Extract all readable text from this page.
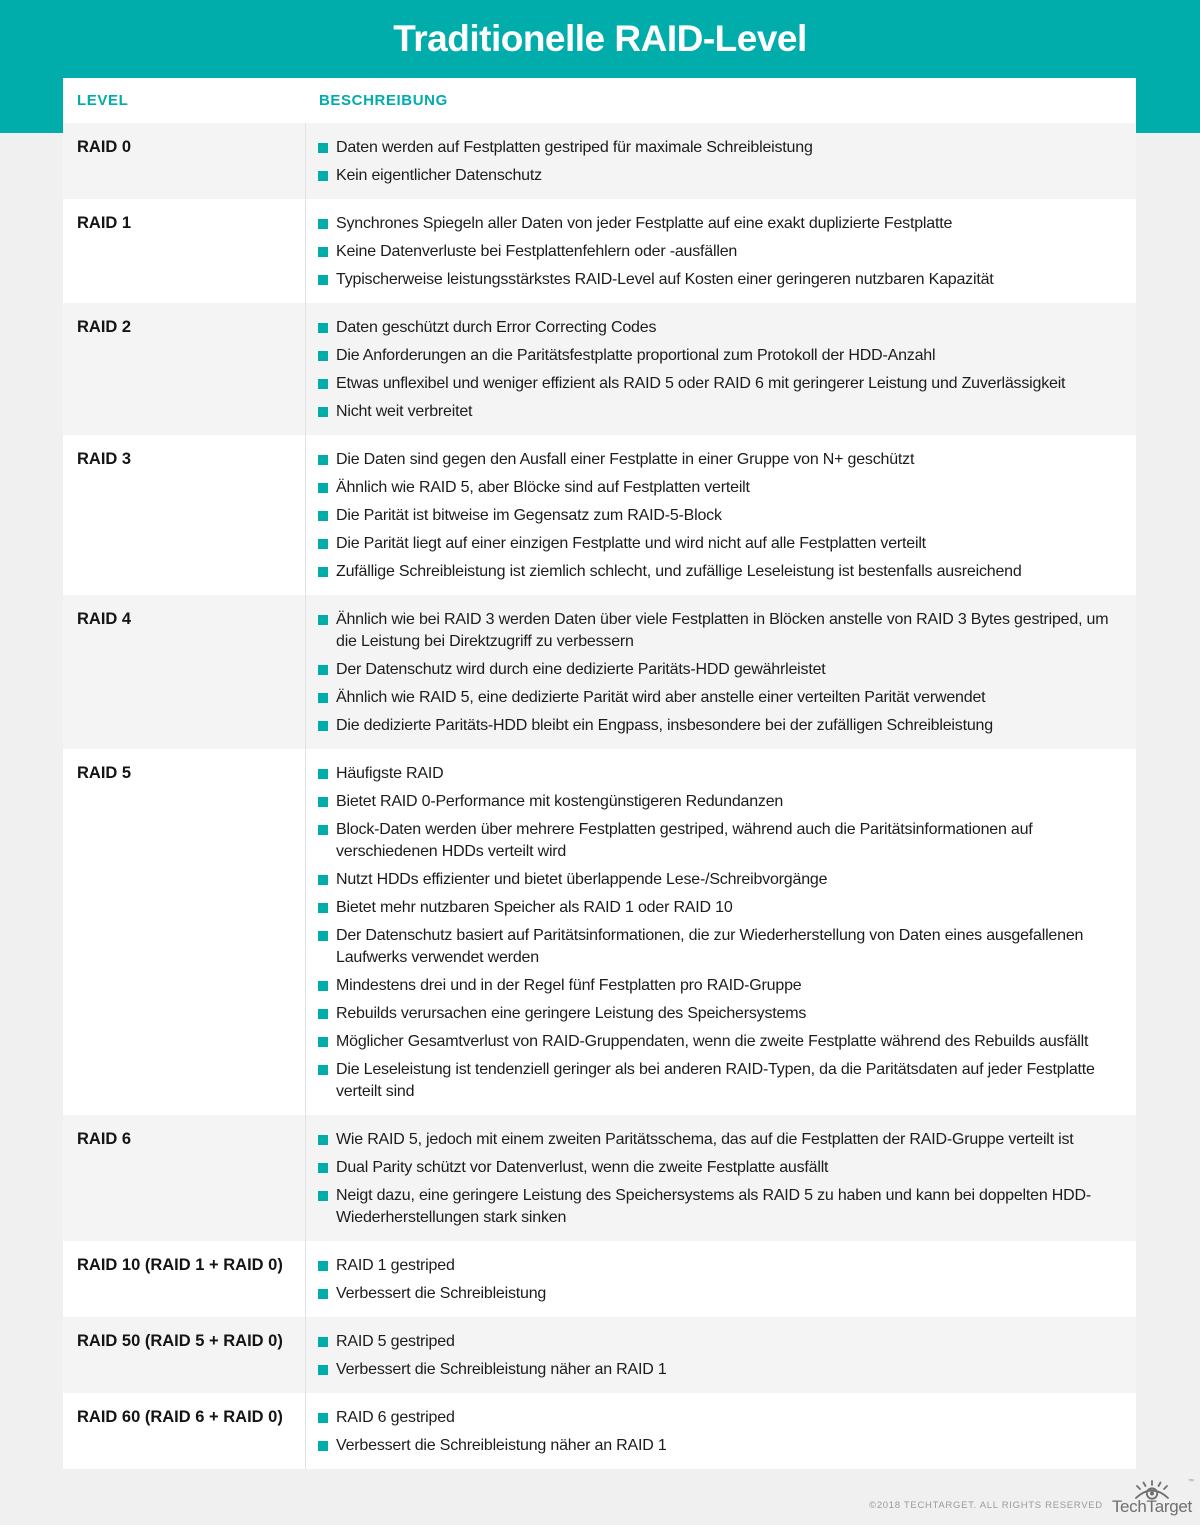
Traditionelle RAID-Level
LEVEL	BESCHREIBUNG
RAID 0	Daten werden auf Festplatten gestriped für maximale Schreibleistung
Kein eigentlicher Datenschutz
RAID 1	Synchrones Spiegeln aller Daten von jeder Festplatte auf eine exakt duplizierte Festplatte
Keine Datenverluste bei Festplattenfehlern oder -ausfällen
Typischerweise leistungsstärkstes RAID-Level auf Kosten einer geringeren nutzbaren Kapazität
RAID 2	Daten geschützt durch Error Correcting Codes
Die Anforderungen an die Paritätsfestplatte proportional zum Protokoll der HDD-Anzahl
Etwas unflexibel und weniger effizient als RAID 5 oder RAID 6 mit geringerer Leistung und Zuverlässigkeit
Nicht weit verbreitet
RAID 3	Die Daten sind gegen den Ausfall einer Festplatte in einer Gruppe von N+ geschützt
Ähnlich wie RAID 5, aber Blöcke sind auf Festplatten verteilt
Die Parität ist bitweise im Gegensatz zum RAID-5-Block
Die Parität liegt auf einer einzigen Festplatte und wird nicht auf alle Festplatten verteilt
Zufällige Schreibleistung ist ziemlich schlecht, und zufällige Leseleistung ist bestenfalls ausreichend
RAID 4	Ähnlich wie bei RAID 3 werden Daten über viele Festplatten in Blöcken anstelle von RAID 3 Bytes gestriped, um die Leistung bei Direktzugriff zu verbessern
Der Datenschutz wird durch eine dedizierte Paritäts-HDD gewährleistet
Ähnlich wie RAID 5, eine dedizierte Parität wird aber anstelle einer verteilten Parität verwendet
Die dedizierte Paritäts-HDD bleibt ein Engpass, insbesondere bei der zufälligen Schreibleistung
RAID 5	Häufigste RAID
Bietet RAID 0-Performance mit kostengünstigeren Redundanzen
Block-Daten werden über mehrere Festplatten gestriped, während auch die Paritätsinformationen auf verschiedenen HDDs verteilt wird
Nutzt HDDs effizienter und bietet überlappende Lese-/Schreibvorgänge
Bietet mehr nutzbaren Speicher als RAID 1 oder RAID 10
Der Datenschutz basiert auf Paritätsinformationen, die zur Wiederherstellung von Daten eines ausgefallenen Laufwerks verwendet werden
Mindestens drei und in der Regel fünf Festplatten pro RAID-Gruppe
Rebuilds verursachen eine geringere Leistung des Speichersystems
Möglicher Gesamtverlust von RAID-Gruppendaten, wenn die zweite Festplatte während des Rebuilds ausfällt
Die Leseleistung ist tendenziell geringer als bei anderen RAID-Typen, da die Paritätsdaten auf jeder Festplatte verteilt sind
RAID 6	Wie RAID 5, jedoch mit einem zweiten Paritätsschema, das auf die Festplatten der RAID-Gruppe verteilt ist
Dual Parity schützt vor Datenverlust, wenn die zweite Festplatte ausfällt
Neigt dazu, eine geringere Leistung des Speichersystems als RAID 5 zu haben und kann bei doppelten HDD-Wiederherstellungen stark sinken
RAID 10 (RAID 1 + RAID 0)	RAID 1 gestriped
Verbessert die Schreibleistung
RAID 50 (RAID 5 + RAID 0)	RAID 5 gestriped
Verbessert die Schreibleistung näher an RAID 1
RAID 60 (RAID 6 + RAID 0)	RAID 6 gestriped
Verbessert die Schreibleistung näher an RAID 1
©2018 TECHTARGET. ALL RIGHTS RESERVED
™
TechTarget
